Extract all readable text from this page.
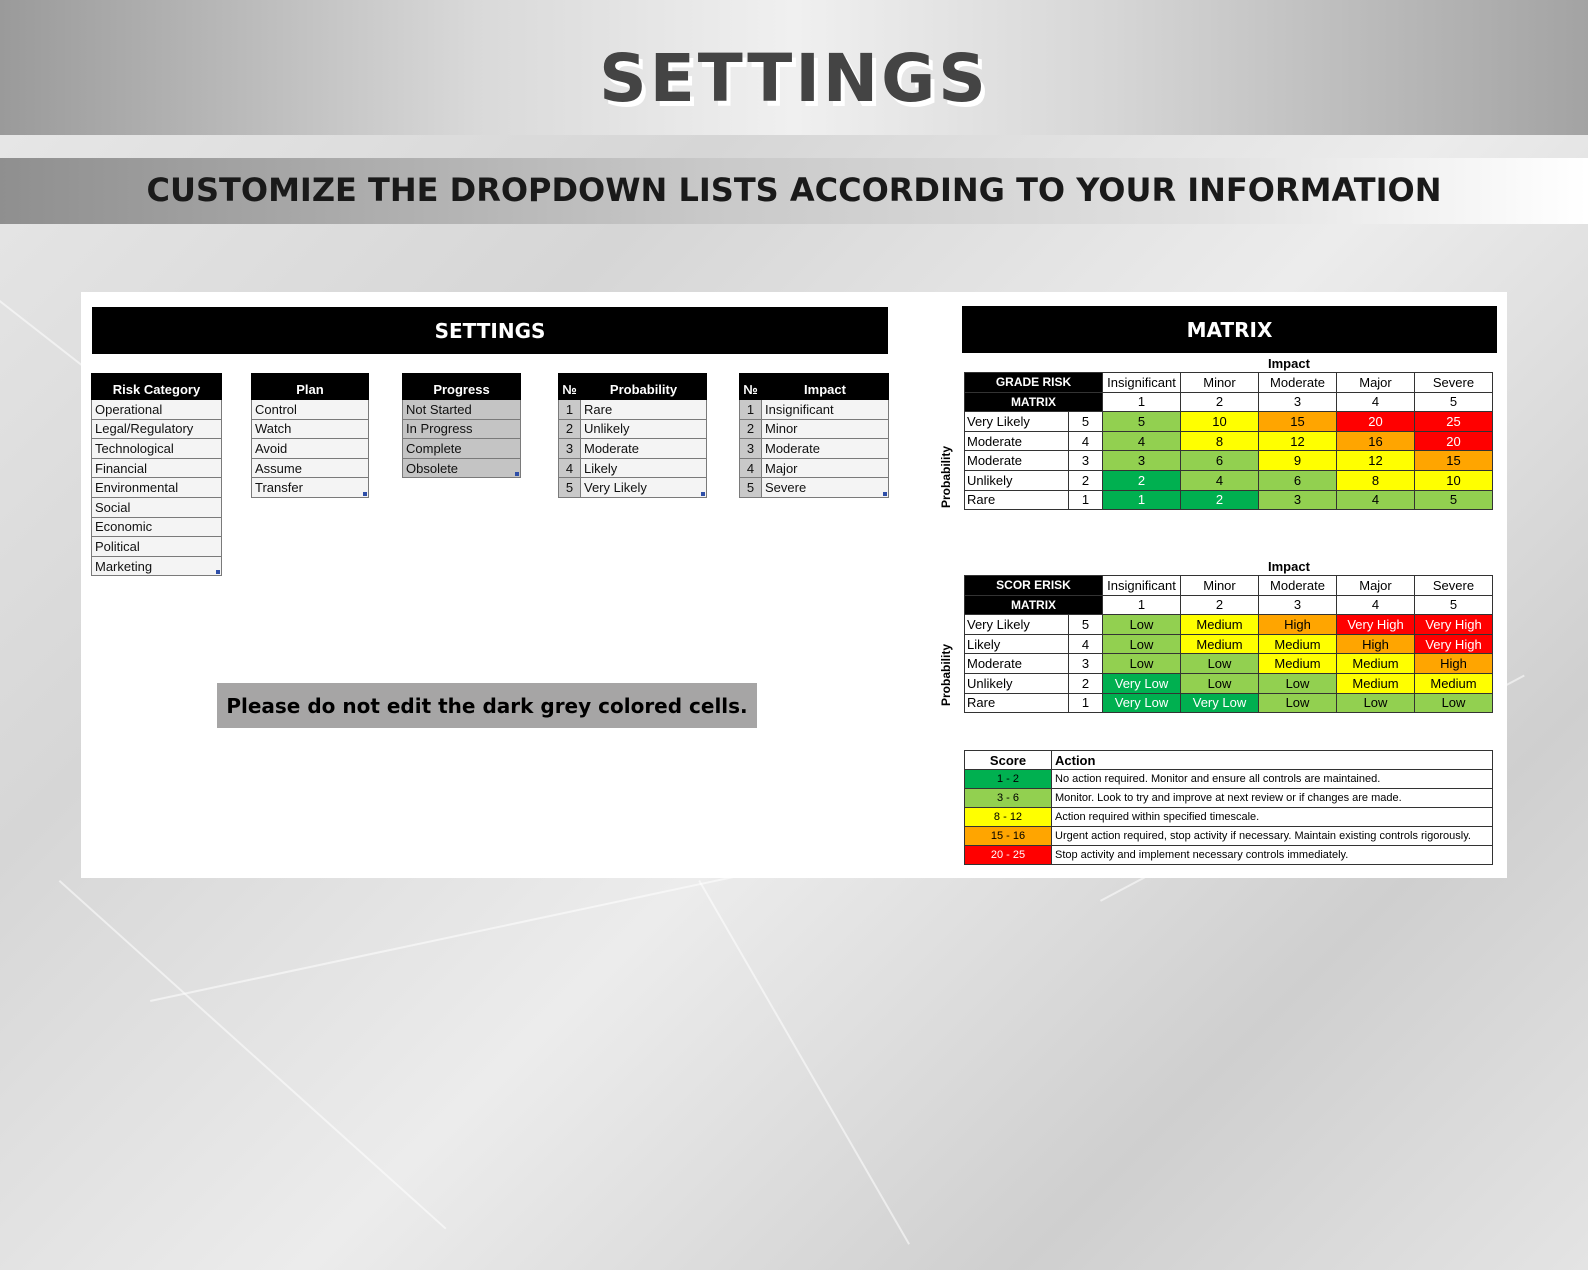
SETTINGS
CUSTOMIZE THE DROPDOWN LISTS ACCORDING TO YOUR INFORMATION
SETTINGS
Risk Category
Operational
Legal/Regulatory
Technological
Financial
Environmental
Social
Economic
Political
Marketing
Plan
Control
Watch
Avoid
Assume
Transfer
Progress
Not Started
In Progress
Complete
Obsolete
№	Probability
1	Rare
2	Unlikely
3	Moderate
4	Likely
5	Very Likely
№	Impact
1	Insignificant
2	Minor
3	Moderate
4	Major
5	Severe
Please do not edit the dark grey colored cells.
MATRIX
Impact
Probability
GRADE RISK		Insignificant	Minor	Moderate	Major	Severe
MATRIX		1	2	3	4	5
Very Likely	5	5	10	15	20	25
Moderate	4	4	8	12	16	20
Moderate	3	3	6	9	12	15
Unlikely	2	2	4	6	8	10
Rare	1	1	2	3	4	5
Impact
Probability
SCOR ERISK		Insignificant	Minor	Moderate	Major	Severe
MATRIX		1	2	3	4	5
Very Likely	5	Low	Medium	High	Very High	Very High
Likely	4	Low	Medium	Medium	High	Very High
Moderate	3	Low	Low	Medium	Medium	High
Unlikely	2	Very Low	Low	Low	Medium	Medium
Rare	1	Very Low	Very Low	Low	Low	Low
Score	Action
1 - 2	No action required. Monitor and ensure all controls are maintained.
3 - 6	Monitor. Look to try and improve at next review or if changes are made.
8 - 12	Action required within specified timescale.
15 - 16	Urgent action required, stop activity if necessary. Maintain existing controls rigorously.
20 - 25	Stop activity and implement necessary controls immediately.
